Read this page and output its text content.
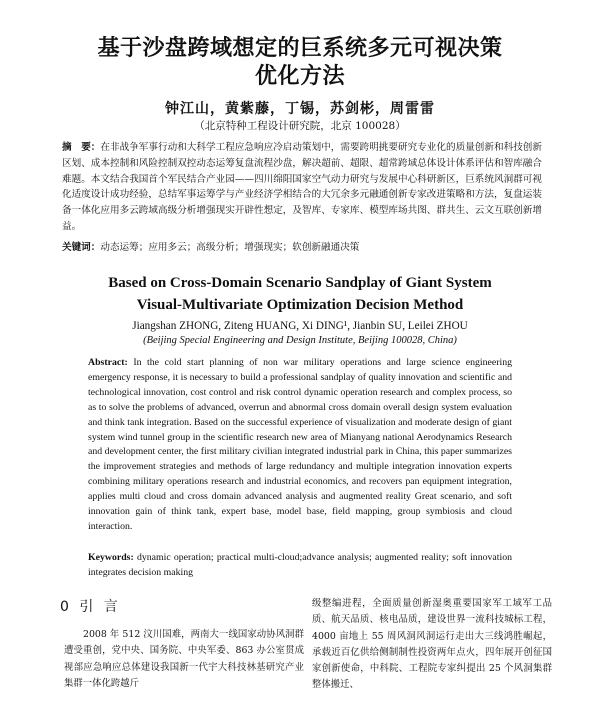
基于沙盘跨域想定的巨系统多元可视决策
优化方法
钟江山，黄紫藤，丁锡，苏剑彬，周雷雷
（北京特种工程设计研究院，北京 100028）
摘　要：在非战争军事行动和大科学工程应急响应冷启动策划中，需要跨明挑要研究专业化的质量创新和科技创新区划、成本控制和风险控制双控动态运筹复盘流程沙盘，解决超前、超限、超常跨域总体设计体系评估和智库融合难题。本文结合我国首个军民结合产业园——四川绵阳国家空气动力研究与发展中心科研新区，巨系统风洞群可视化适度设计成功经验，总结军事运筹学与产业经济学相结合的大冗余多元融通创新专家改进策略和方法，复盘运装备一体化应用多云跨域高级分析增强现实开辟性想定，及智库、专家库、模型库场共图、群共生、云文互联创新增益。
关键词：动态运筹；应用多云；高级分析；增强现实；软创新融通决策
Based on Cross-Domain Scenario Sandplay of Giant System
Visual-Multivariate Optimization Decision Method
Jiangshan ZHONG, Ziteng HUANG, Xi DING¹, Jianbin SU, Leilei ZHOU
(Beijing Special Engineering and Design Institute, Beijing 100028, China)
Abstract: In the cold start planning of non war military operations and large science engineering emergency response, it is necessary to build a professional sandplay of quality innovation and scientific and technological innovation, cost control and risk control dynamic operation research and complex process, so as to solve the problems of advanced, overrun and abnormal cross domain overall design system evaluation and think tank integration. Based on the successful experience of visualization and moderate design of giant system wind tunnel group in the scientific research new area of Mianyang national Aerodynamics Research and development center, the first military civilian integrated industrial park in China, this paper summarizes the improvement strategies and methods of large redundancy and multiple integration innovation experts combining military operations research and industrial economics, and recovers pan equipment integration, applies multi cloud and cross domain advanced analysis and augmented reality Great scenario, and soft innovation gain of think tank, expert base, model base, field mapping, group symbiosis and cloud interaction.
Keywords: dynamic operation; practical multi-cloud;advance analysis; augmented reality; soft innovation integrates decision making
0 引 言
2008 年 512 汶川国难，两南大一线国家动协风洞群遭受重创，党中央、国务院、中央军委、863 办公室贯成视部应急响应总体建设我国新一代宇大科技林基研究产业集群一体化跨越斤
级整编进程，全面质量创新湿奥重要国家军工域军工品质、航天品质、核电品质，建设世界一流科技城标工程，4000 亩地上 55 周风洞风洞运行走出大三线鸿胜崛起，承载近百亿供给侧制制性投资两年点火，四年展开创征国家创新使命，中科院、工程院专家纠提出 25 个风洞集群整体搬迁、
